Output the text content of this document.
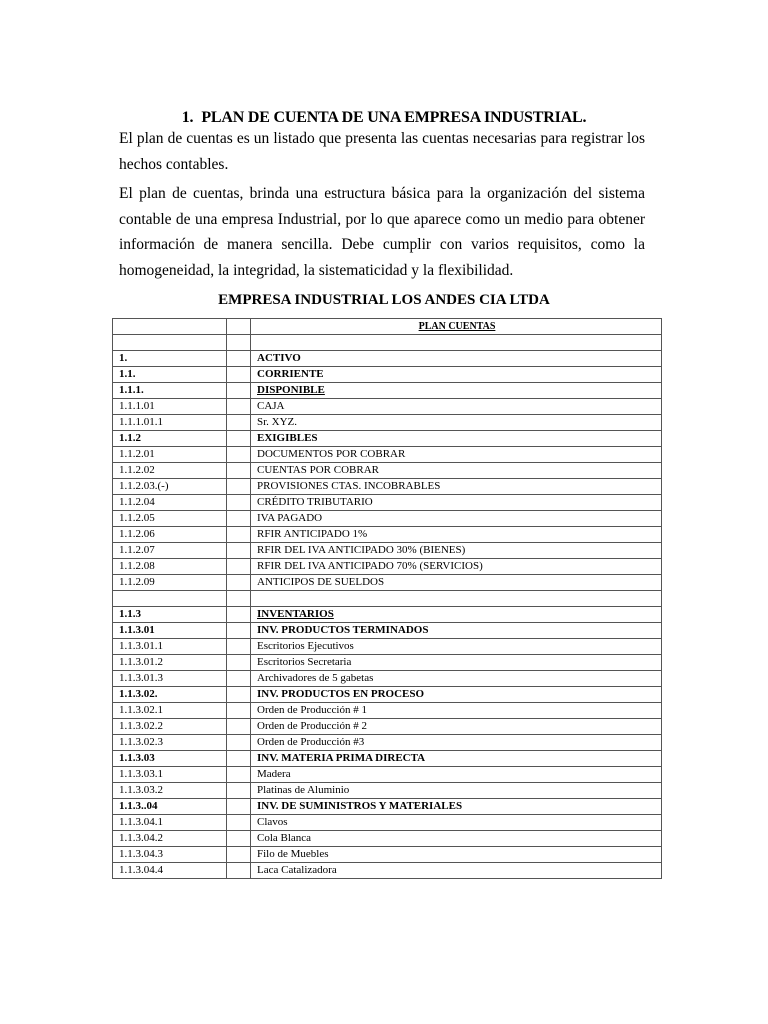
1. PLAN DE CUENTA DE UNA EMPRESA INDUSTRIAL.

El plan de cuentas es un listado que presenta las cuentas necesarias para registrar los hechos contables.

El plan de cuentas, brinda una estructura básica para la organización del sistema contable de una empresa Industrial, por lo que aparece como un medio para obtener información de manera sencilla. Debe cumplir con varios requisitos, como la homogeneidad, la integridad, la sistematicidad y la flexibilidad.

EMPRESA INDUSTRIAL LOS ANDES CIA LTDA
		PLAN CUENTAS

1.		ACTIVO
1.1.		CORRIENTE
1.1.1.		DISPONIBLE
1.1.1.01		CAJA
1.1.1.01.1		Sr. XYZ.
1.1.2		EXIGIBLES
1.1.2.01		DOCUMENTOS POR COBRAR
1.1.2.02		CUENTAS POR COBRAR
1.1.2.03.(-)		PROVISIONES CTAS. INCOBRABLES
1.1.2.04		CRÉDITO TRIBUTARIO
1.1.2.05		IVA PAGADO
1.1.2.06		RFIR ANTICIPADO 1%
1.1.2.07		RFIR DEL IVA ANTICIPADO 30% (BIENES)
1.1.2.08		RFIR DEL IVA ANTICIPADO 70% (SERVICIOS)
1.1.2.09		ANTICIPOS DE SUELDOS

1.1.3		INVENTARIOS
1.1.3.01		INV. PRODUCTOS TERMINADOS
1.1.3.01.1		Escritorios Ejecutivos
1.1.3.01.2		Escritorios Secretaria
1.1.3.01.3		Archivadores de 5 gabetas
1.1.3.02.		INV. PRODUCTOS EN PROCESO
1.1.3.02.1		Orden de Producción # 1
1.1.3.02.2		Orden de Producción # 2
1.1.3.02.3		Orden de Producción #3
1.1.3.03		INV. MATERIA PRIMA DIRECTA
1.1.3.03.1		Madera
1.1.3.03.2		Platinas de Aluminio
1.1.3..04		INV. DE SUMINISTROS Y MATERIALES
1.1.3.04.1		Clavos
1.1.3.04.2		Cola Blanca
1.1.3.04.3		Filo de Muebles
1.1.3.04.4		Laca Catalizadora
